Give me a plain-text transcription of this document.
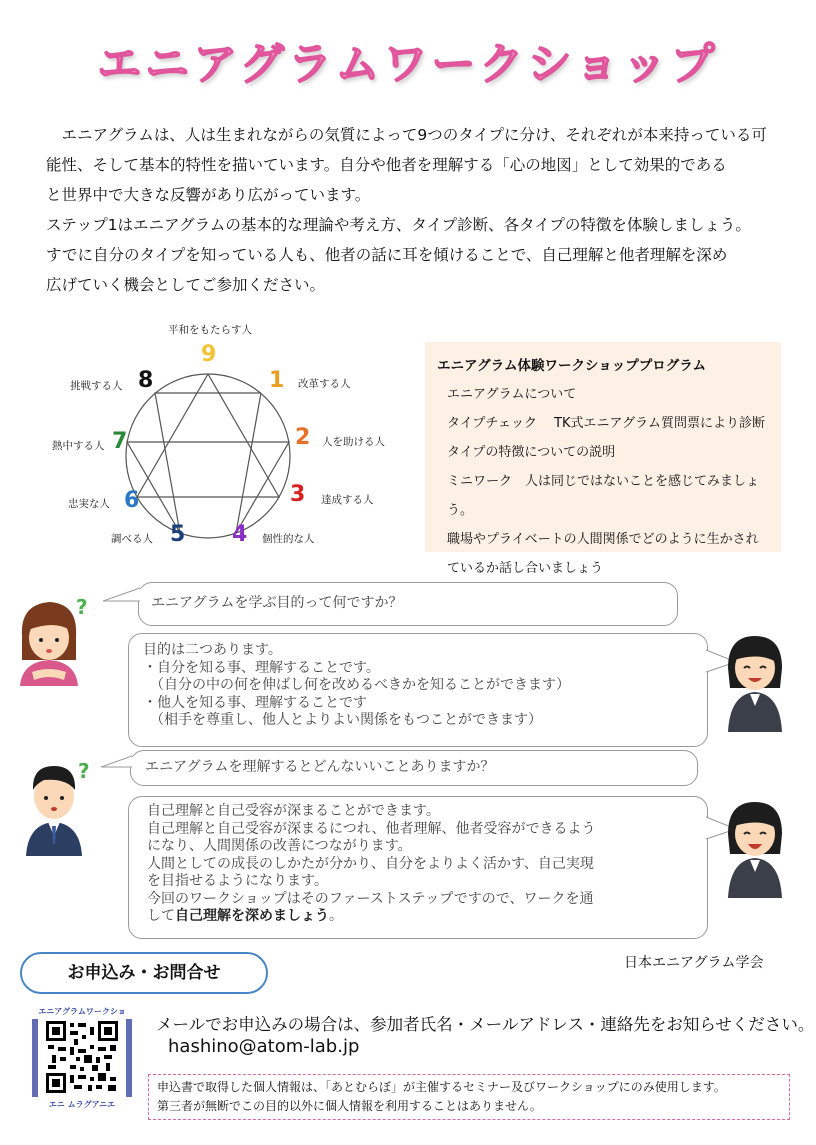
エニアグラムワークショップ

　エニアグラムは、人は生まれながらの気質によって9つのタイプに分け、それぞれが本来持っている可

能性、そして基本的特性を描いています。自分や他者を理解する「心の地図」として効果的である

と世界中で大きな反響があり広がっています。

ステップ1はエニアグラムの基本的な理論や考え方、タイプ診断、各タイプの特徴を体験しましょう。

すでに自分のタイプを知っている人も、他者の話に耳を傾けることで、自己理解と他者理解を深め

広げていく機会としてご参加ください。

平和をもたらす人
9
1 改革する人
2 人を助ける人
3 達成する人
4 個性的な人
調べる人 5
忠実な人 6
熱中する人 7
挑戦する人 8
エニアグラム体験ワークショッププログラム
エニアグラムについて
タイプチェック　 TK式エニアグラム質問票により診断
タイプの特徴についての説明
ミニワーク　人は同じではないことを感じてみましょう。
職場やプライベートの人間関係でどのように生かされ
ているか話し合いましょう
?	エニアグラムを学ぶ目的って何ですか？
目的は二つあります。
・自分を知る事、理解することです。
　（自分の中の何を伸ばし何を改めるべきかを知ることができます）
・他人を知る事、理解することです
　（相手を尊重し、他人とよりよい関係をもつことができます）
?	エニアグラムを理解するとどんないいことありますか？
自己理解と自己受容が深まることができます。
自己理解と自己受容が深まるにつれ、他者理解、他者受容ができるよう
になり、人間関係の改善につながります。
人間としての成長のしかたが分かり、自分をよりよく活かす、自己実現
を目指せるようになります。
今回のワークショップはそのファーストステップですので、ワークを通
して自己理解を深めましょう。
日本エニアグラム学会
お申込み・お問合せ
エニアグラムワークショ
エニ ムラグアニエ
メールでお申込みの場合は、参加者氏名・メールアドレス・連絡先をお知らせください。
hashino@atom-lab.jp
申込書で取得した個人情報は、「あとむらぼ」が主催するセミナー及びワークショップにのみ使用します。
第三者が無断でこの目的以外に個人情報を利用することはありません。
